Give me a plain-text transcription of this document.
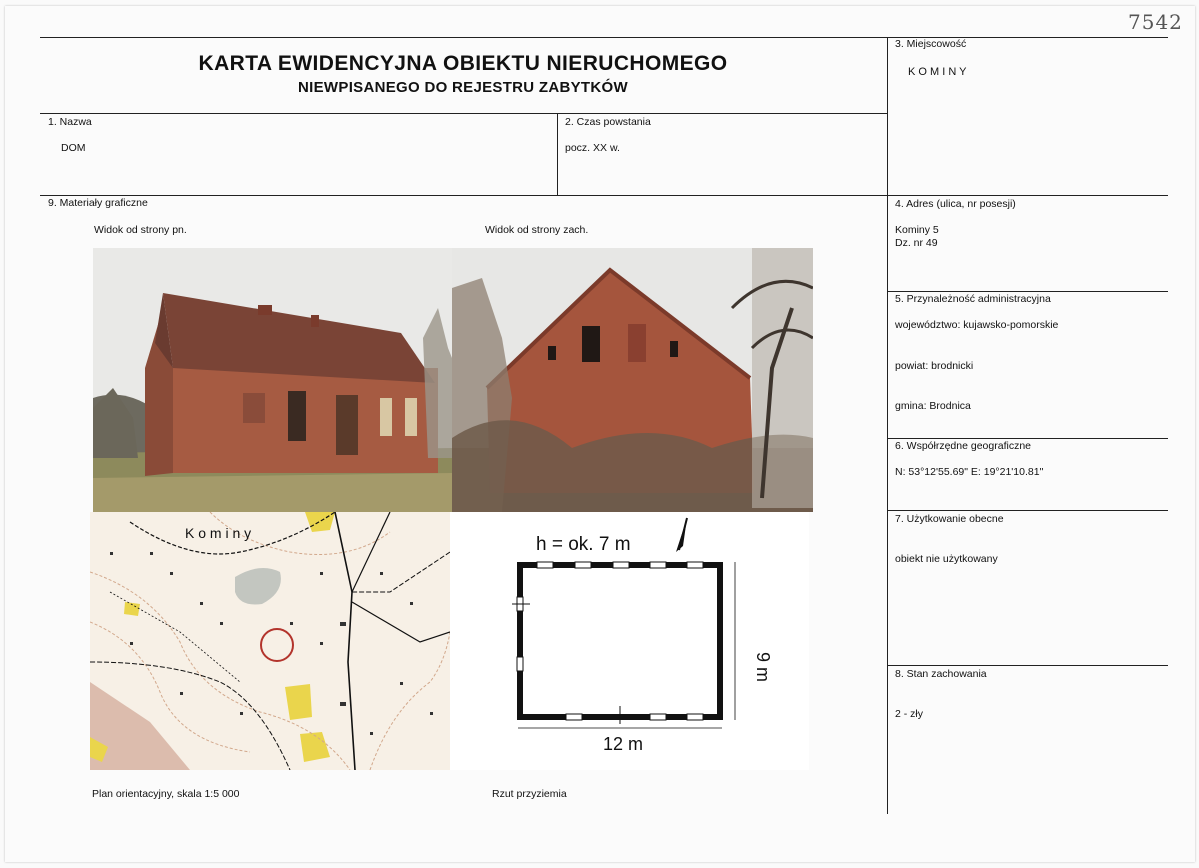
7542
KARTA EWIDENCYJNA OBIEKTU NIERUCHOMEGO
NIEWPISANEGO DO REJESTRU ZABYTKÓW
3. Miejscowość
K O M I N Y
1. Nazwa
DOM
2. Czas powstania
pocz. XX w.
9. Materiały graficzne
Widok od strony pn.	Widok od strony zach.
Plan orientacyjny, skala 1:5 000	Rzut przyziemia
4. Adres (ulica, nr posesji)
Kominy 5
Dz. nr 49
5. Przynależność administracyjna
województwo: kujawsko-pomorskie
powiat: brodnicki
gmina: Brodnica
6. Współrzędne geograficzne
N: 53°12'55.69" E: 19°21'10.81"
7. Użytkowanie obecne
obiekt nie użytkowany
8. Stan zachowania
2 - zły
K o m i n y
h = ok. 7 m
12 m
9 m
